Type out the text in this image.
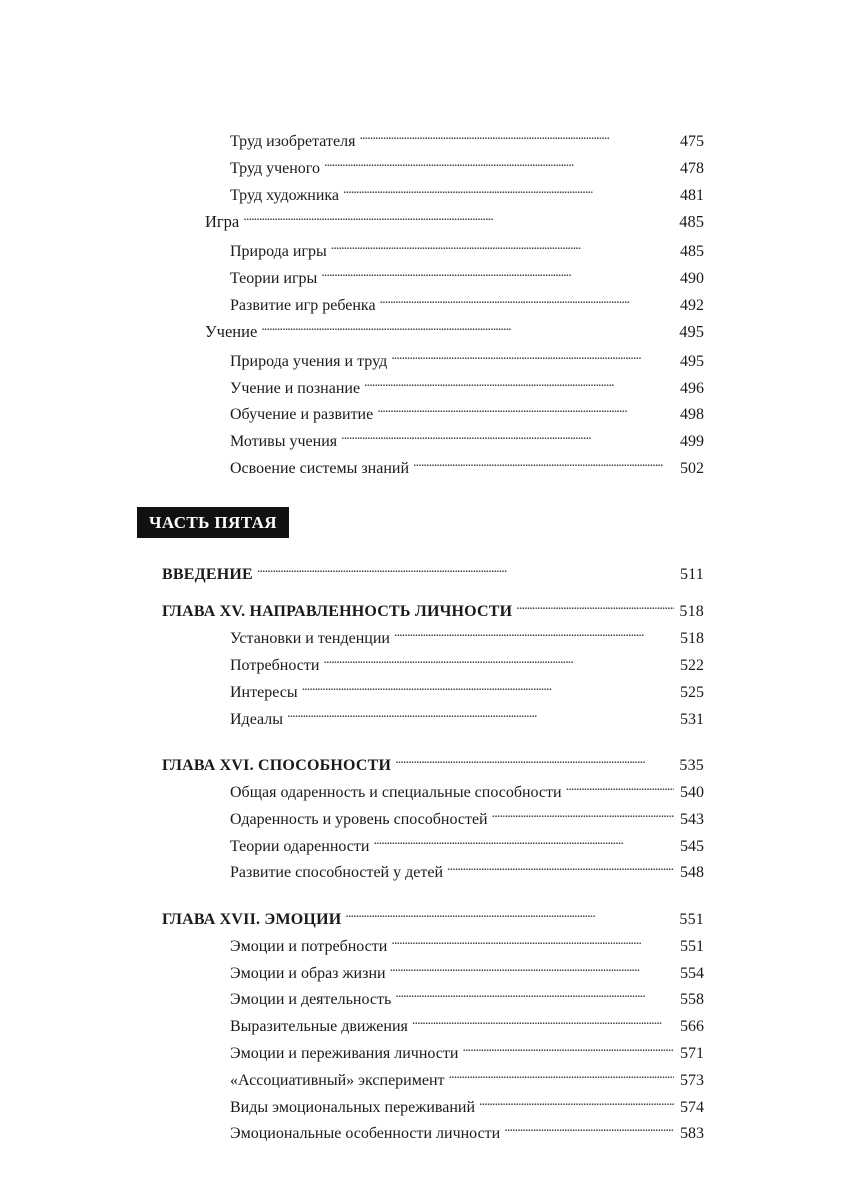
Труд изобретателя . . .	475
Труд ученого . . .	478
Труд художника . . .	481
Игра . . .	485
Природа игры . . .	485
Теории игры . . .	490
Развитие игр ребенка . . .	492
Учение . . .	495
Природа учения и труд . . .	495
Учение и познание . . .	496
Обучение и развитие . . .	498
Мотивы учения . . .	499
Освоение системы знаний . . .	502
ЧАСТЬ ПЯТАЯ
ВВЕДЕНИЕ . . .	511
ГЛАВА XV. НАПРАВЛЕННОСТЬ ЛИЧНОСТИ . . .	518
Установки и тенденции . . .	518
Потребности . . .	522
Интересы . . .	525
Идеалы . . .	531
ГЛАВА XVI. СПОСОБНОСТИ . . .	535
Общая одаренность и специальные способности . . .	540
Одаренность и уровень способностей . . .	543
Теории одаренности . . .	545
Развитие способностей у детей . . .	548
ГЛАВА XVII. ЭМОЦИИ . . .	551
Эмоции и потребности . . .	551
Эмоции и образ жизни . . .	554
Эмоции и деятельность . . .	558
Выразительные движения . . .	566
Эмоции и переживания личности . . .	571
«Ассоциативный» эксперимент . . .	573
Виды эмоциональных переживаний . . .	574
Эмоциональные особенности личности . . .	583
